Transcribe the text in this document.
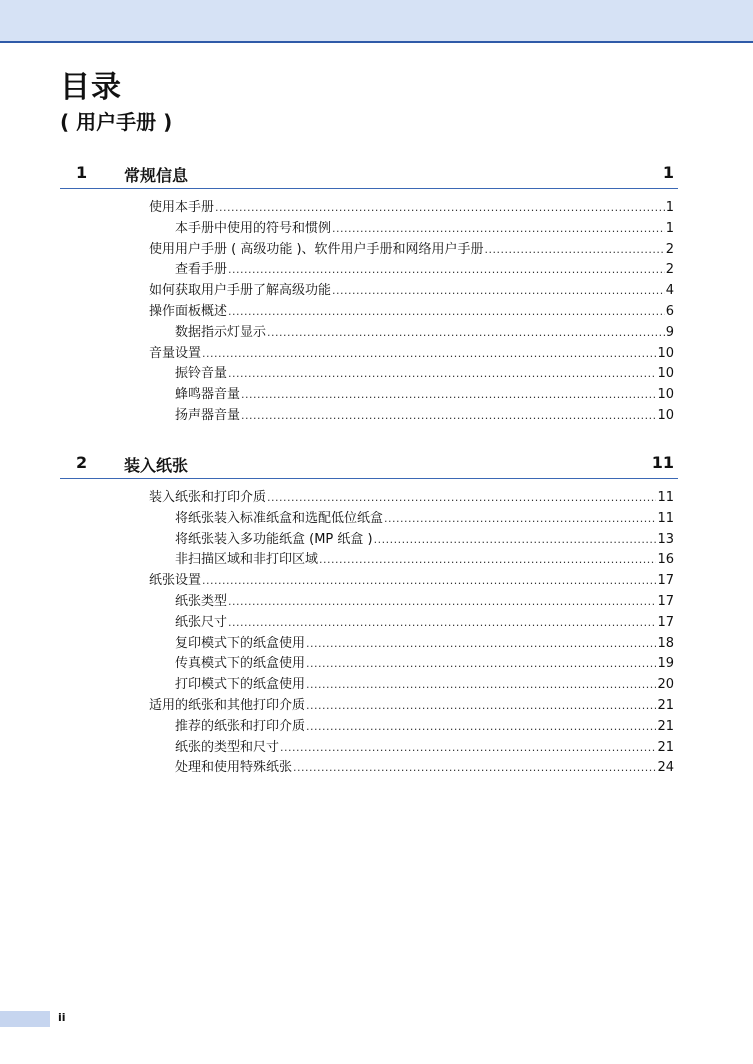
目录
( 用户手册 )
1 常规信息	1
使用本手册 .....	1
本手册中使用的符号和惯例 .....	1
使用用户手册 ( 高级功能 )、软件用户手册和网络用户手册 .....	2
查看手册 .....	2
如何获取用户手册了解高级功能 .....	4
操作面板概述 .....	6
数据指示灯显示 .....	9
音量设置 .....	10
振铃音量 .....	10
蜂鸣器音量 .....	10
扬声器音量 .....	10
2 装入纸张	11
装入纸张和打印介质 .....	11
将纸张装入标准纸盒和选配低位纸盒 .....	11
将纸张装入多功能纸盒 (MP 纸盒 ) .....	13
非扫描区域和非打印区域 .....	16
纸张设置 .....	17
纸张类型 .....	17
纸张尺寸 .....	17
复印模式下的纸盒使用 .....	18
传真模式下的纸盒使用 .....	19
打印模式下的纸盒使用 .....	20
适用的纸张和其他打印介质 .....	21
推荐的纸张和打印介质 .....	21
纸张的类型和尺寸 .....	21
处理和使用特殊纸张 .....	24
ii
